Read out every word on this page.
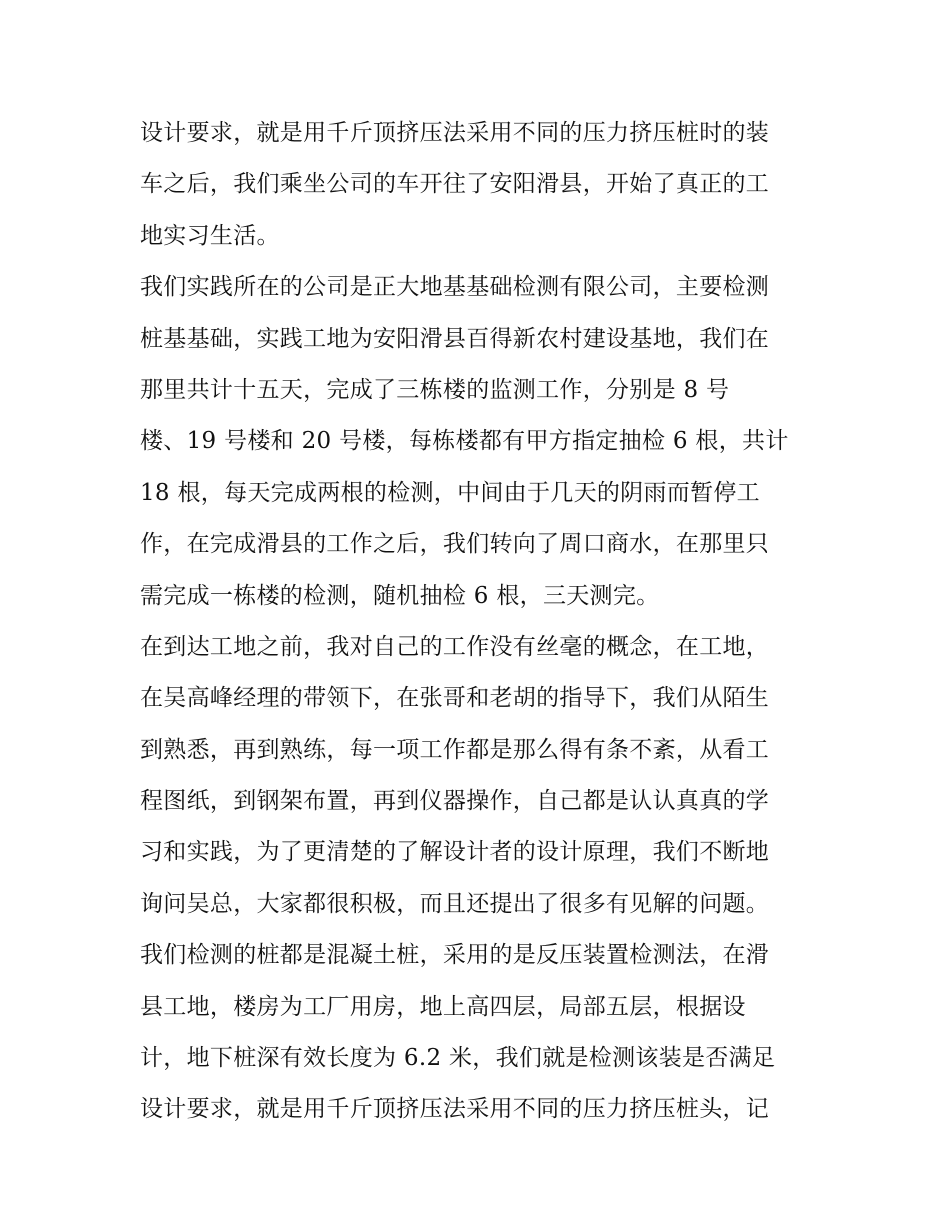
设计要求，就是用千斤顶挤压法采用不同的压力挤压桩时的装
车之后，我们乘坐公司的车开往了安阳滑县，开始了真正的工
地实习生活。
我们实践所在的公司是正大地基基础检测有限公司，主要检测
桩基基础，实践工地为安阳滑县百得新农村建设基地，我们在
那里共计十五天，完成了三栋楼的监测工作，分别是 8 号
楼、19 号楼和 20 号楼，每栋楼都有甲方指定抽检 6 根，共计
18 根，每天完成两根的检测，中间由于几天的阴雨而暂停工
作，在完成滑县的工作之后，我们转向了周口商水，在那里只
需完成一栋楼的检测，随机抽检 6 根，三天测完。
在到达工地之前，我对自己的工作没有丝毫的概念，在工地，
在吴高峰经理的带领下，在张哥和老胡的指导下，我们从陌生
到熟悉，再到熟练，每一项工作都是那么得有条不紊，从看工
程图纸，到钢架布置，再到仪器操作，自己都是认认真真的学
习和实践，为了更清楚的了解设计者的设计原理，我们不断地
询问吴总，大家都很积极，而且还提出了很多有见解的问题。
我们检测的桩都是混凝土桩，采用的是反压装置检测法，在滑
县工地，楼房为工厂用房，地上高四层，局部五层，根据设
计，地下桩深有效长度为 6.2 米，我们就是检测该装是否满足
设计要求，就是用千斤顶挤压法采用不同的压力挤压桩头，记
